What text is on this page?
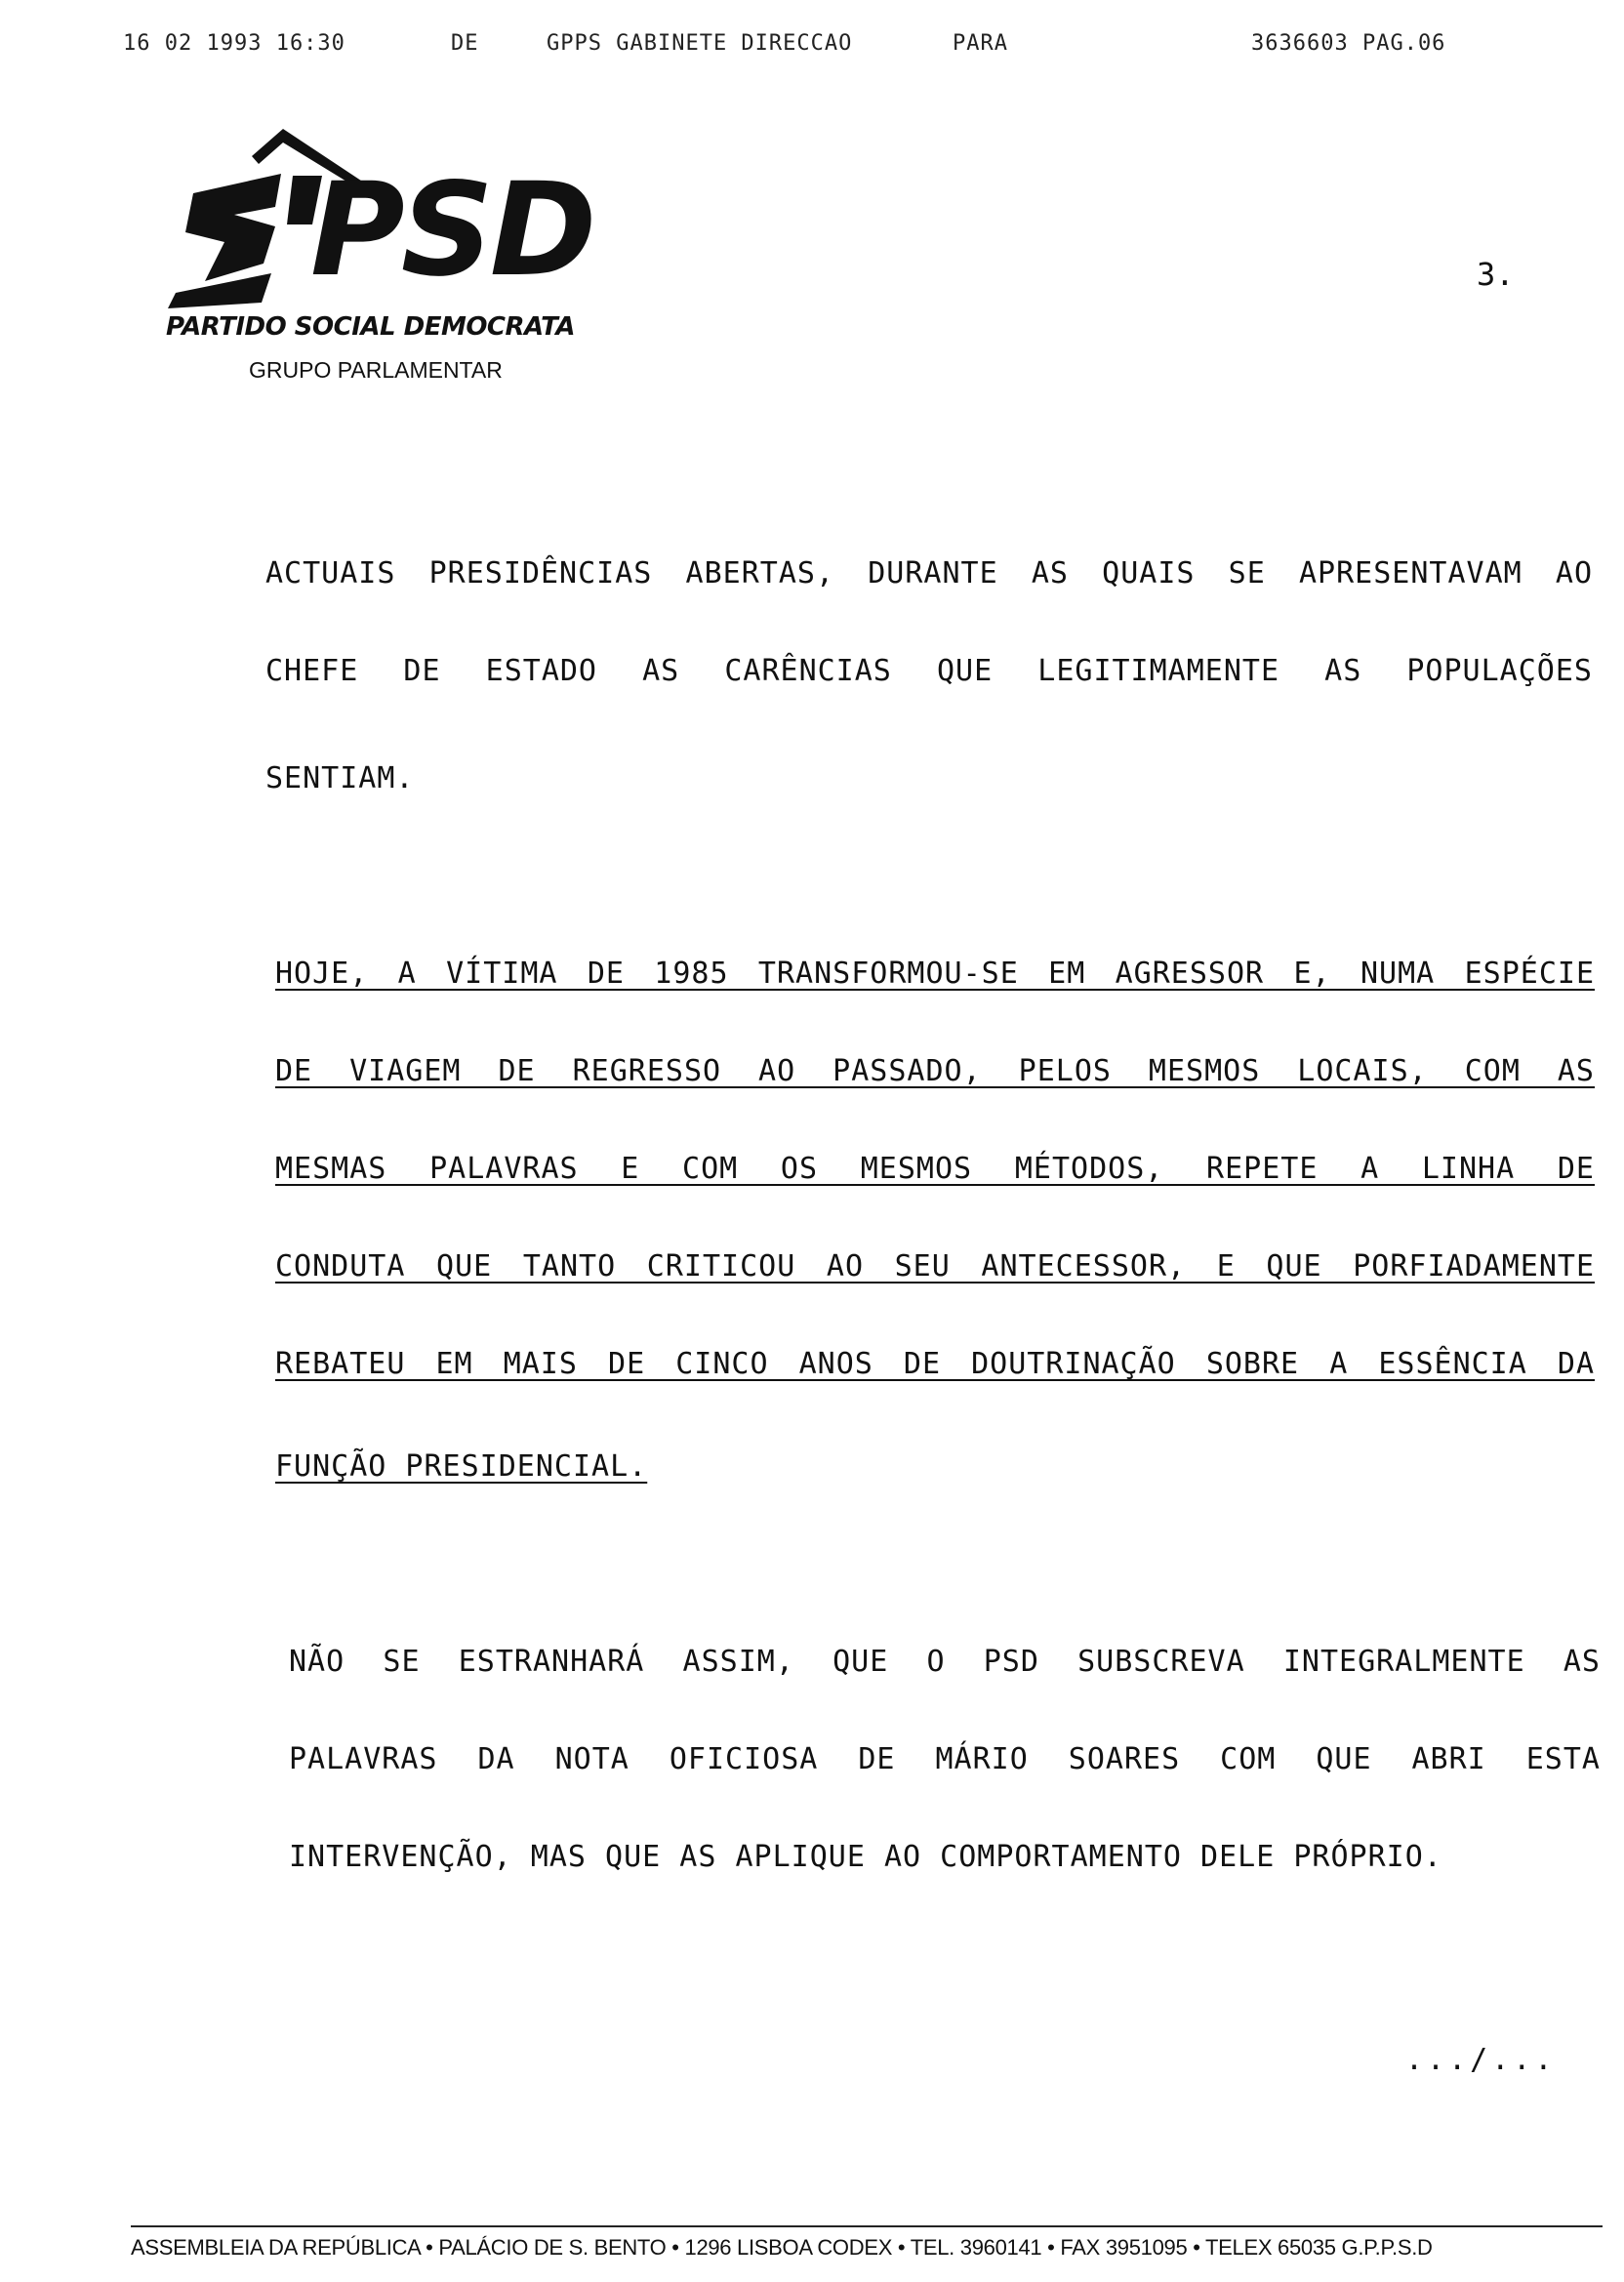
16 02 1993 16:30	DE	GPPS GABINETE DIRECCAO	PARA	3636603 PAG.06
PSD
PARTIDO SOCIAL DEMOCRATA
GRUPO PARLAMENTAR
3.
ACTUAIS PRESIDÊNCIAS ABERTAS, DURANTE AS QUAIS SE APRESENTAVAM AO
CHEFE DE ESTADO AS CARÊNCIAS QUE LEGITIMAMENTE AS POPULAÇÕES
SENTIAM.
HOJE, A VÍTIMA DE 1985 TRANSFORMOU-SE EM AGRESSOR E, NUMA ESPÉCIE
DE VIAGEM DE REGRESSO AO PASSADO, PELOS MESMOS LOCAIS, COM AS
MESMAS PALAVRAS E COM OS MESMOS MÉTODOS, REPETE A LINHA DE
CONDUTA QUE TANTO CRITICOU AO SEU ANTECESSOR, E QUE PORFIADAMENTE
REBATEU EM MAIS DE CINCO ANOS DE DOUTRINAÇÃO SOBRE A ESSÊNCIA DA
FUNÇÃO PRESIDENCIAL.
NÃO SE ESTRANHARÁ ASSIM, QUE O PSD SUBSCREVA INTEGRALMENTE AS
PALAVRAS DA NOTA OFICIOSA DE MÁRIO SOARES COM QUE ABRI ESTA
INTERVENÇÃO, MAS QUE AS APLIQUE AO COMPORTAMENTO DELE PRÓPRIO.
.../...
ASSEMBLEIA DA REPÚBLICA • PALÁCIO DE S. BENTO • 1296 LISBOA CODEX • TEL. 3960141 • FAX 3951095 • TELEX 65035 G.P.P.S.D
